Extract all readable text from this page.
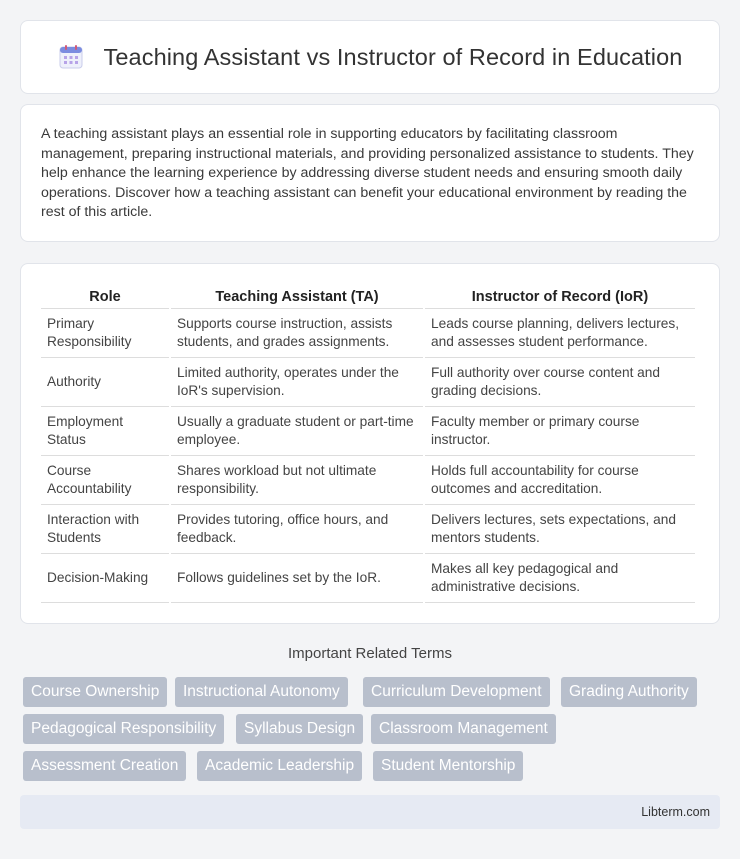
Teaching Assistant vs Instructor of Record in Education

A teaching assistant plays an essential role in supporting educators by facilitating classroom management, preparing instructional materials, and providing personalized assistance to students. They help enhance the learning experience by addressing diverse student needs and ensuring smooth daily operations. Discover how a teaching assistant can benefit your educational environment by reading the rest of this article.

Role	Teaching Assistant (TA)	Instructor of Record (IoR)
Primary Responsibility	Supports course instruction, assists students, and grades assignments.	Leads course planning, delivers lectures, and assesses student performance.
Authority	Limited authority, operates under the IoR's supervision.	Full authority over course content and grading decisions.
Employment Status	Usually a graduate student or part-time employee.	Faculty member or primary course instructor.
Course Accountability	Shares workload but not ultimate responsibility.	Holds full accountability for course outcomes and accreditation.
Interaction with Students	Provides tutoring, office hours, and feedback.	Delivers lectures, sets expectations, and mentors students.
Decision-Making	Follows guidelines set by the IoR.	Makes all key pedagogical and administrative decisions.
Important Related Terms
Course Ownership	Instructional Autonomy	Curriculum Development	Grading Authority
Pedagogical Responsibility	Syllabus Design	Classroom Management
Assessment Creation	Academic Leadership	Student Mentorship
Libterm.com
